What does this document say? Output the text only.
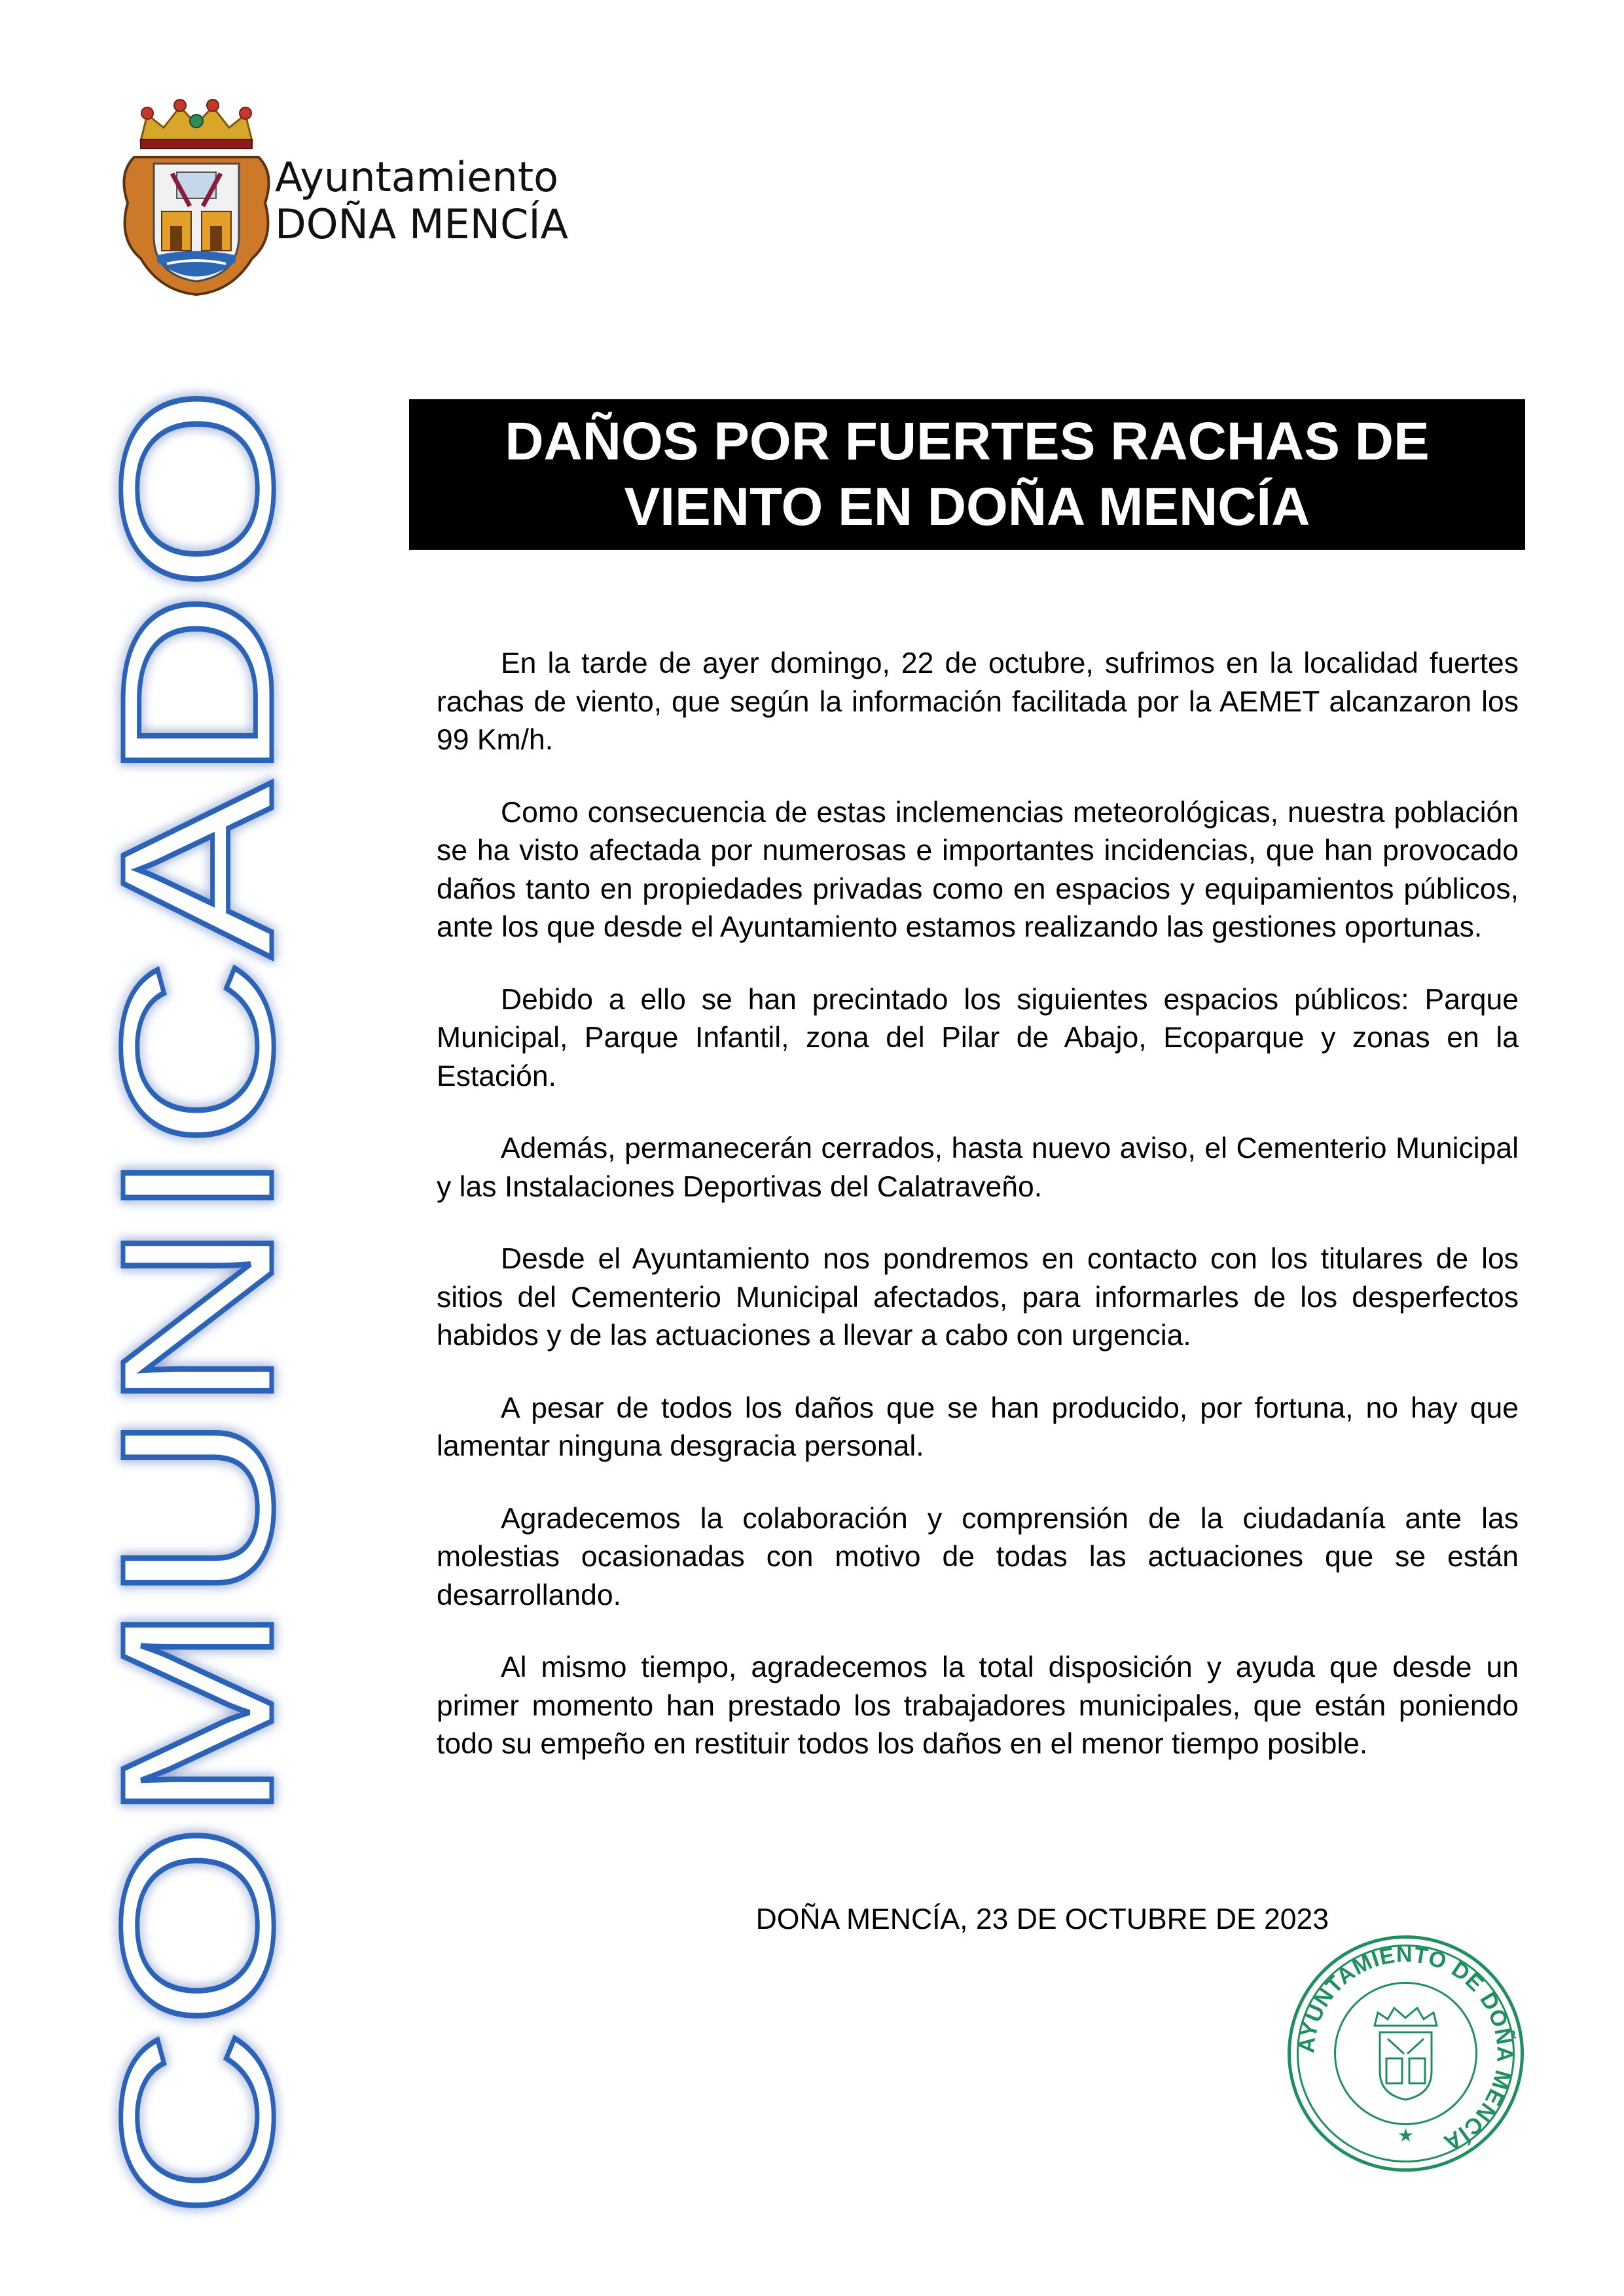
Ayuntamiento
DOÑA MENCÍA
COMUNICADO
DAÑOS POR FUERTES RACHAS DE
VIENTO EN DOÑA MENCÍA

En la tarde de ayer domingo, 22 de octubre, sufrimos en la localidad fuertes rachas de viento, que según la información facilitada por la AEMET alcanzaron los 99 Km/h.

Como consecuencia de estas inclemencias meteorológicas, nuestra población se ha visto afectada por numerosas e importantes incidencias, que han provocado daños tanto en propiedades privadas como en espacios y equipamientos públicos, ante los que desde el Ayuntamiento estamos realizando las gestiones oportunas.

Debido a ello se han precintado los siguientes espacios públicos: Parque Municipal, Parque Infantil, zona del Pilar de Abajo, Ecoparque y zonas en la Estación.

Además, permanecerán cerrados, hasta nuevo aviso, el Cementerio Municipal y las Instalaciones Deportivas del Calatraveño.

Desde el Ayuntamiento nos pondremos en contacto con los titulares de los sitios del Cementerio Municipal afectados, para informarles de los desperfectos habidos y de las actuaciones a llevar a cabo con urgencia.

A pesar de todos los daños que se han producido, por fortuna, no hay que lamentar ninguna desgracia personal.

Agradecemos la colaboración y comprensión de la ciudadanía ante las molestias ocasionadas con motivo de todas las actuaciones que se están desarrollando.

Al mismo tiempo, agradecemos la total disposición y ayuda que desde un primer momento han prestado los trabajadores municipales, que están poniendo todo su empeño en restituir todos los daños en el menor tiempo posible.

DOÑA MENCÍA, 23 DE OCTUBRE DE 2023
AYUNTAMIENTO DE DOÑA MENCÍA
★
